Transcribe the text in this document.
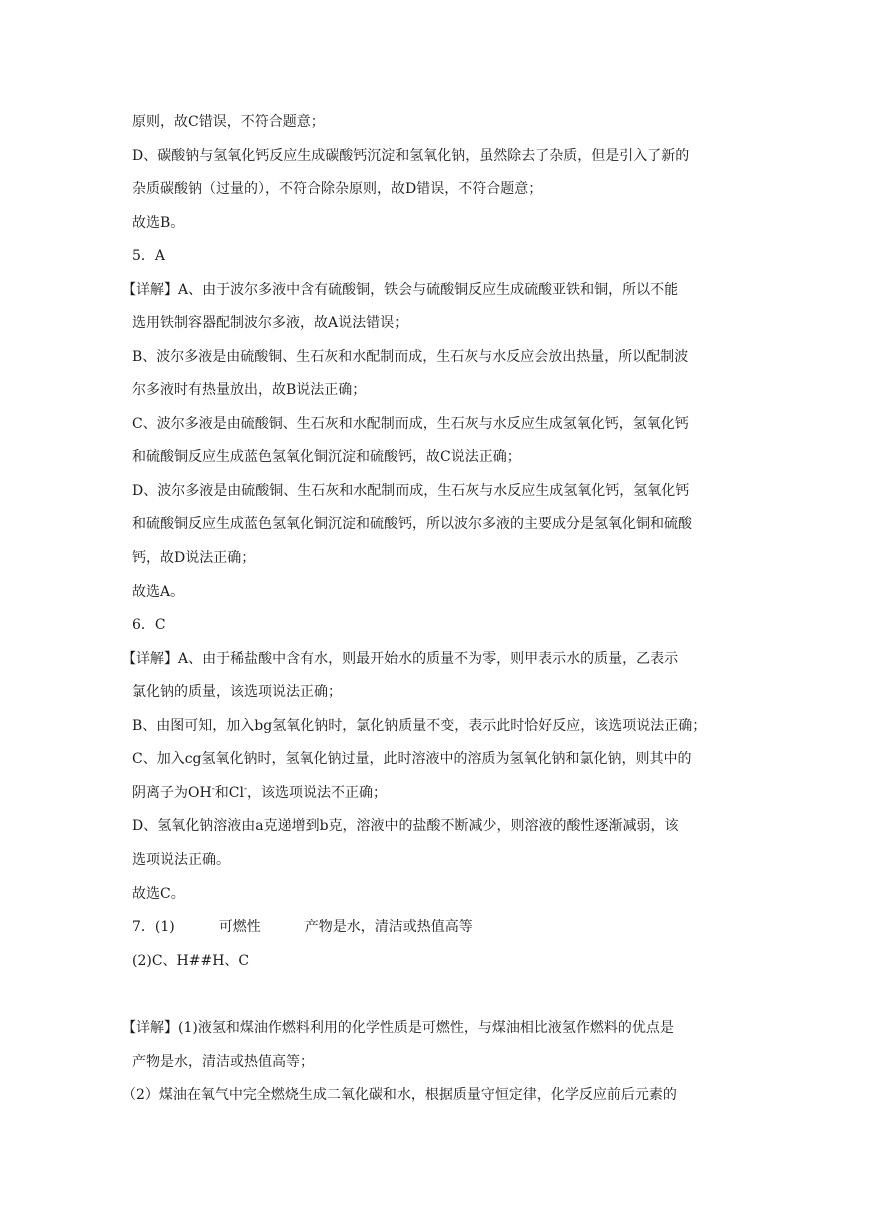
原则，故C错误，不符合题意；
D、碳酸钠与氢氧化钙反应生成碳酸钙沉淀和氢氧化钠，虽然除去了杂质，但是引入了新的
杂质碳酸钠（过量的），不符合除杂原则，故D错误，不符合题意；
故选B。
5．A
【详解】A、由于波尔多液中含有硫酸铜，铁会与硫酸铜反应生成硫酸亚铁和铜，所以不能
选用铁制容器配制波尔多液，故A说法错误；
B、波尔多液是由硫酸铜、生石灰和水配制而成，生石灰与水反应会放出热量，所以配制波
尔多液时有热量放出，故B说法正确；
C、波尔多液是由硫酸铜、生石灰和水配制而成，生石灰与水反应生成氢氧化钙，氢氧化钙
和硫酸铜反应生成蓝色氢氧化铜沉淀和硫酸钙，故C说法正确；
D、波尔多液是由硫酸铜、生石灰和水配制而成，生石灰与水反应生成氢氧化钙，氢氧化钙
和硫酸铜反应生成蓝色氢氧化铜沉淀和硫酸钙，所以波尔多液的主要成分是氢氧化铜和硫酸
钙，故D说法正确；
故选A。
6．C
【详解】A、由于稀盐酸中含有水，则最开始水的质量不为零，则甲表示水的质量，乙表示
氯化钠的质量，该选项说法正确；
B、由图可知，加入bg氢氧化钠时，氯化钠质量不变，表示此时恰好反应，该选项说法正确；
C、加入cg氢氧化钠时，氢氧化钠过量，此时溶液中的溶质为氢氧化钠和氯化钠，则其中的
阴离子为OH-和Cl-，该选项说法不正确；
D、氢氧化钠溶液由a克递增到b克，溶液中的盐酸不断减少，则溶液的酸性逐渐减弱，该
选项说法正确。
故选C。
7．(1)	可燃性	产物是水，清洁或热值高等
(2)C、H##H、C
【详解】(1)液氢和煤油作燃料利用的化学性质是可燃性，与煤油相比液氢作燃料的优点是
产物是水，清洁或热值高等；
（2）煤油在氧气中完全燃烧生成二氧化碳和水，根据质量守恒定律，化学反应前后元素的
